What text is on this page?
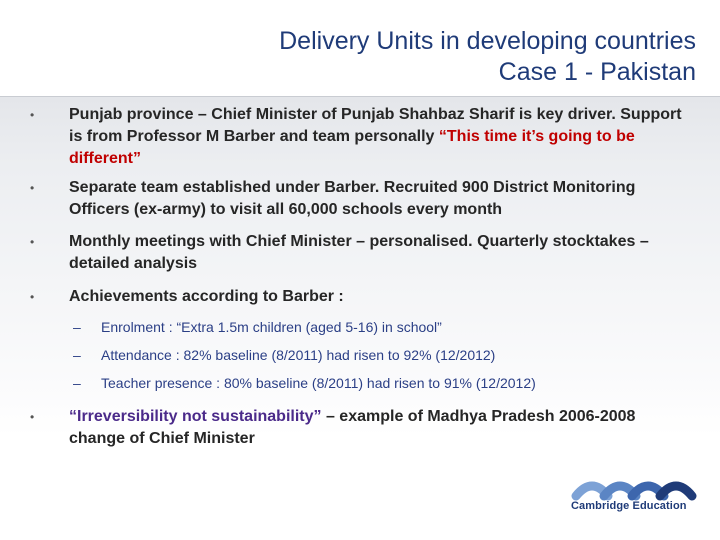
Delivery Units in developing countries
Case 1 - Pakistan
• Punjab province – Chief Minister of Punjab Shahbaz Sharif is key driver. Support is from Professor M Barber and team personally “This time it’s going to be different”
• Separate team established under Barber. Recruited 900 District Monitoring Officers (ex-army) to visit all 60,000 schools every month
• Monthly meetings with Chief Minister – personalised. Quarterly stocktakes – detailed analysis
• Achievements according to Barber :
– Enrolment : “Extra 1.5m children (aged 5-16) in school”
– Attendance : 82% baseline (8/2011) had risen to 92% (12/2012)
– Teacher presence : 80% baseline (8/2011) had risen to 91% (12/2012)
• “Irreversibility not sustainability” – example of Madhya Pradesh 2006-2008 change of Chief Minister
Cambridge Education
